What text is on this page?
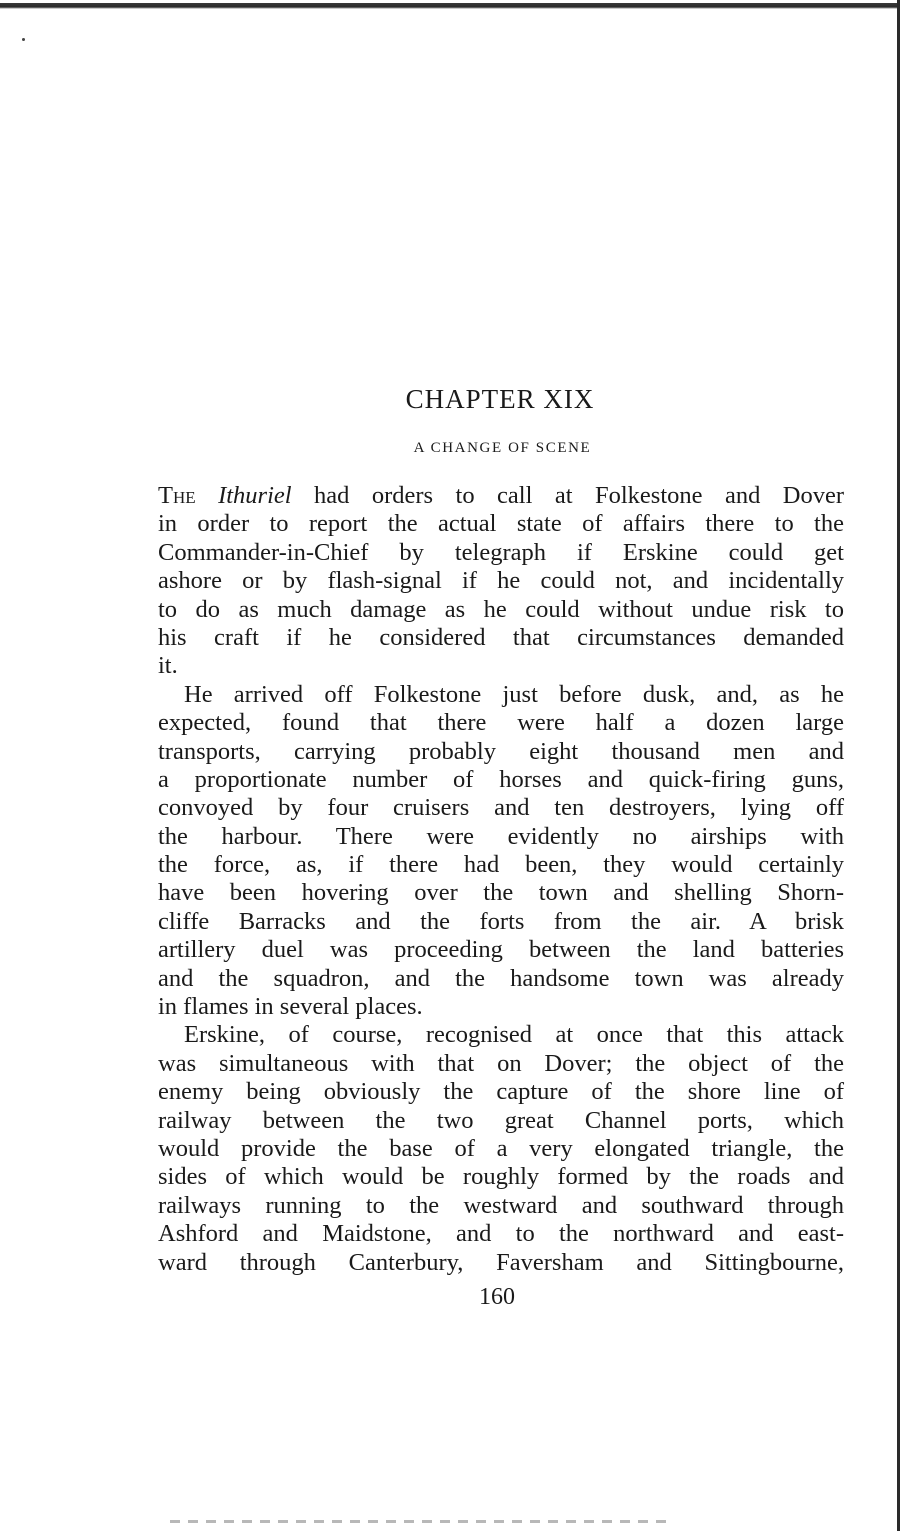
CHAPTER XIX
A CHANGE OF SCENE
The Ithuriel had orders to call at Folkestone and Dover
in order to report the actual state of affairs there to the
Commander-in-Chief by telegraph if Erskine could get
ashore or by flash-signal if he could not, and incidentally
to do as much damage as he could without undue risk to
his craft if he considered that circumstances demanded
it.
He arrived off Folkestone just before dusk, and, as he
expected, found that there were half a dozen large
transports, carrying probably eight thousand men and
a proportionate number of horses and quick-firing guns,
convoyed by four cruisers and ten destroyers, lying off
the harbour. There were evidently no airships with
the force, as, if there had been, they would certainly
have been hovering over the town and shelling Shorn-
cliffe Barracks and the forts from the air. A brisk
artillery duel was proceeding between the land batteries
and the squadron, and the handsome town was already
in flames in several places.
Erskine, of course, recognised at once that this attack
was simultaneous with that on Dover; the object of the
enemy being obviously the capture of the shore line of
railway between the two great Channel ports, which
would provide the base of a very elongated triangle, the
sides of which would be roughly formed by the roads and
railways running to the westward and southward through
Ashford and Maidstone, and to the northward and east-
ward through Canterbury, Faversham and Sittingbourne,
160
